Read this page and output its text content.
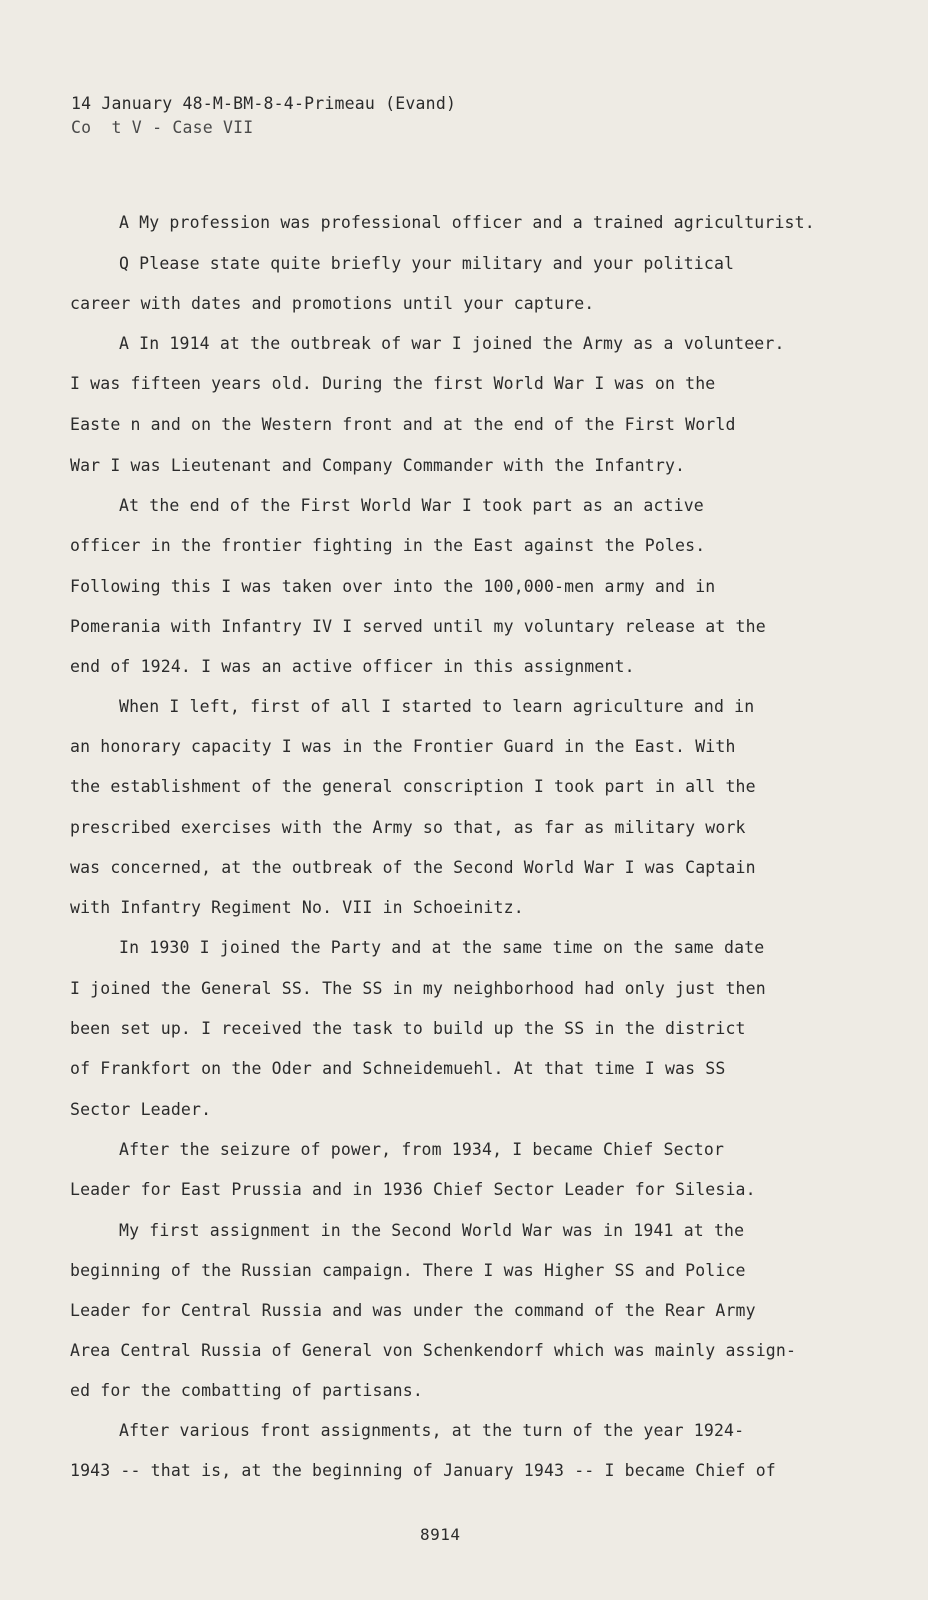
14 January 48-M-BM-8-4-Primeau (Evand)
Co  t V - Case VII
A My profession was professional officer and a trained agriculturist.
Q Please state quite briefly your military and your political
career with dates and promotions until your capture.
A In 1914 at the outbreak of war I joined the Army as a volunteer.
I was fifteen years old. During the first World War I was on the
Easte n and on the Western front and at the end of the First World
War I was Lieutenant and Company Commander with the Infantry.
At the end of the First World War I took part as an active
officer in the frontier fighting in the East against the Poles.
Following this I was taken over into the 100,000-men army and in
Pomerania with Infantry IV I served until my voluntary release at the
end of 1924. I was an active officer in this assignment.
When I left, first of all I started to learn agriculture and in
an honorary capacity I was in the Frontier Guard in the East. With
the establishment of the general conscription I took part in all the
prescribed exercises with the Army so that, as far as military work
was concerned, at the outbreak of the Second World War I was Captain
with Infantry Regiment No. VII in Schoeinitz.
In 1930 I joined the Party and at the same time on the same date
I joined the General SS. The SS in my neighborhood had only just then
been set up. I received the task to build up the SS in the district
of Frankfort on the Oder and Schneidemuehl. At that time I was SS
Sector Leader.
After the seizure of power, from 1934, I became Chief Sector
Leader for East Prussia and in 1936 Chief Sector Leader for Silesia.
My first assignment in the Second World War was in 1941 at the
beginning of the Russian campaign. There I was Higher SS and Police
Leader for Central Russia and was under the command of the Rear Army
Area Central Russia of General von Schenkendorf which was mainly assign-
ed for the combatting of partisans.
After various front assignments, at the turn of the year 1924-
1943 -- that is, at the beginning of January 1943 -- I became Chief of
8914
